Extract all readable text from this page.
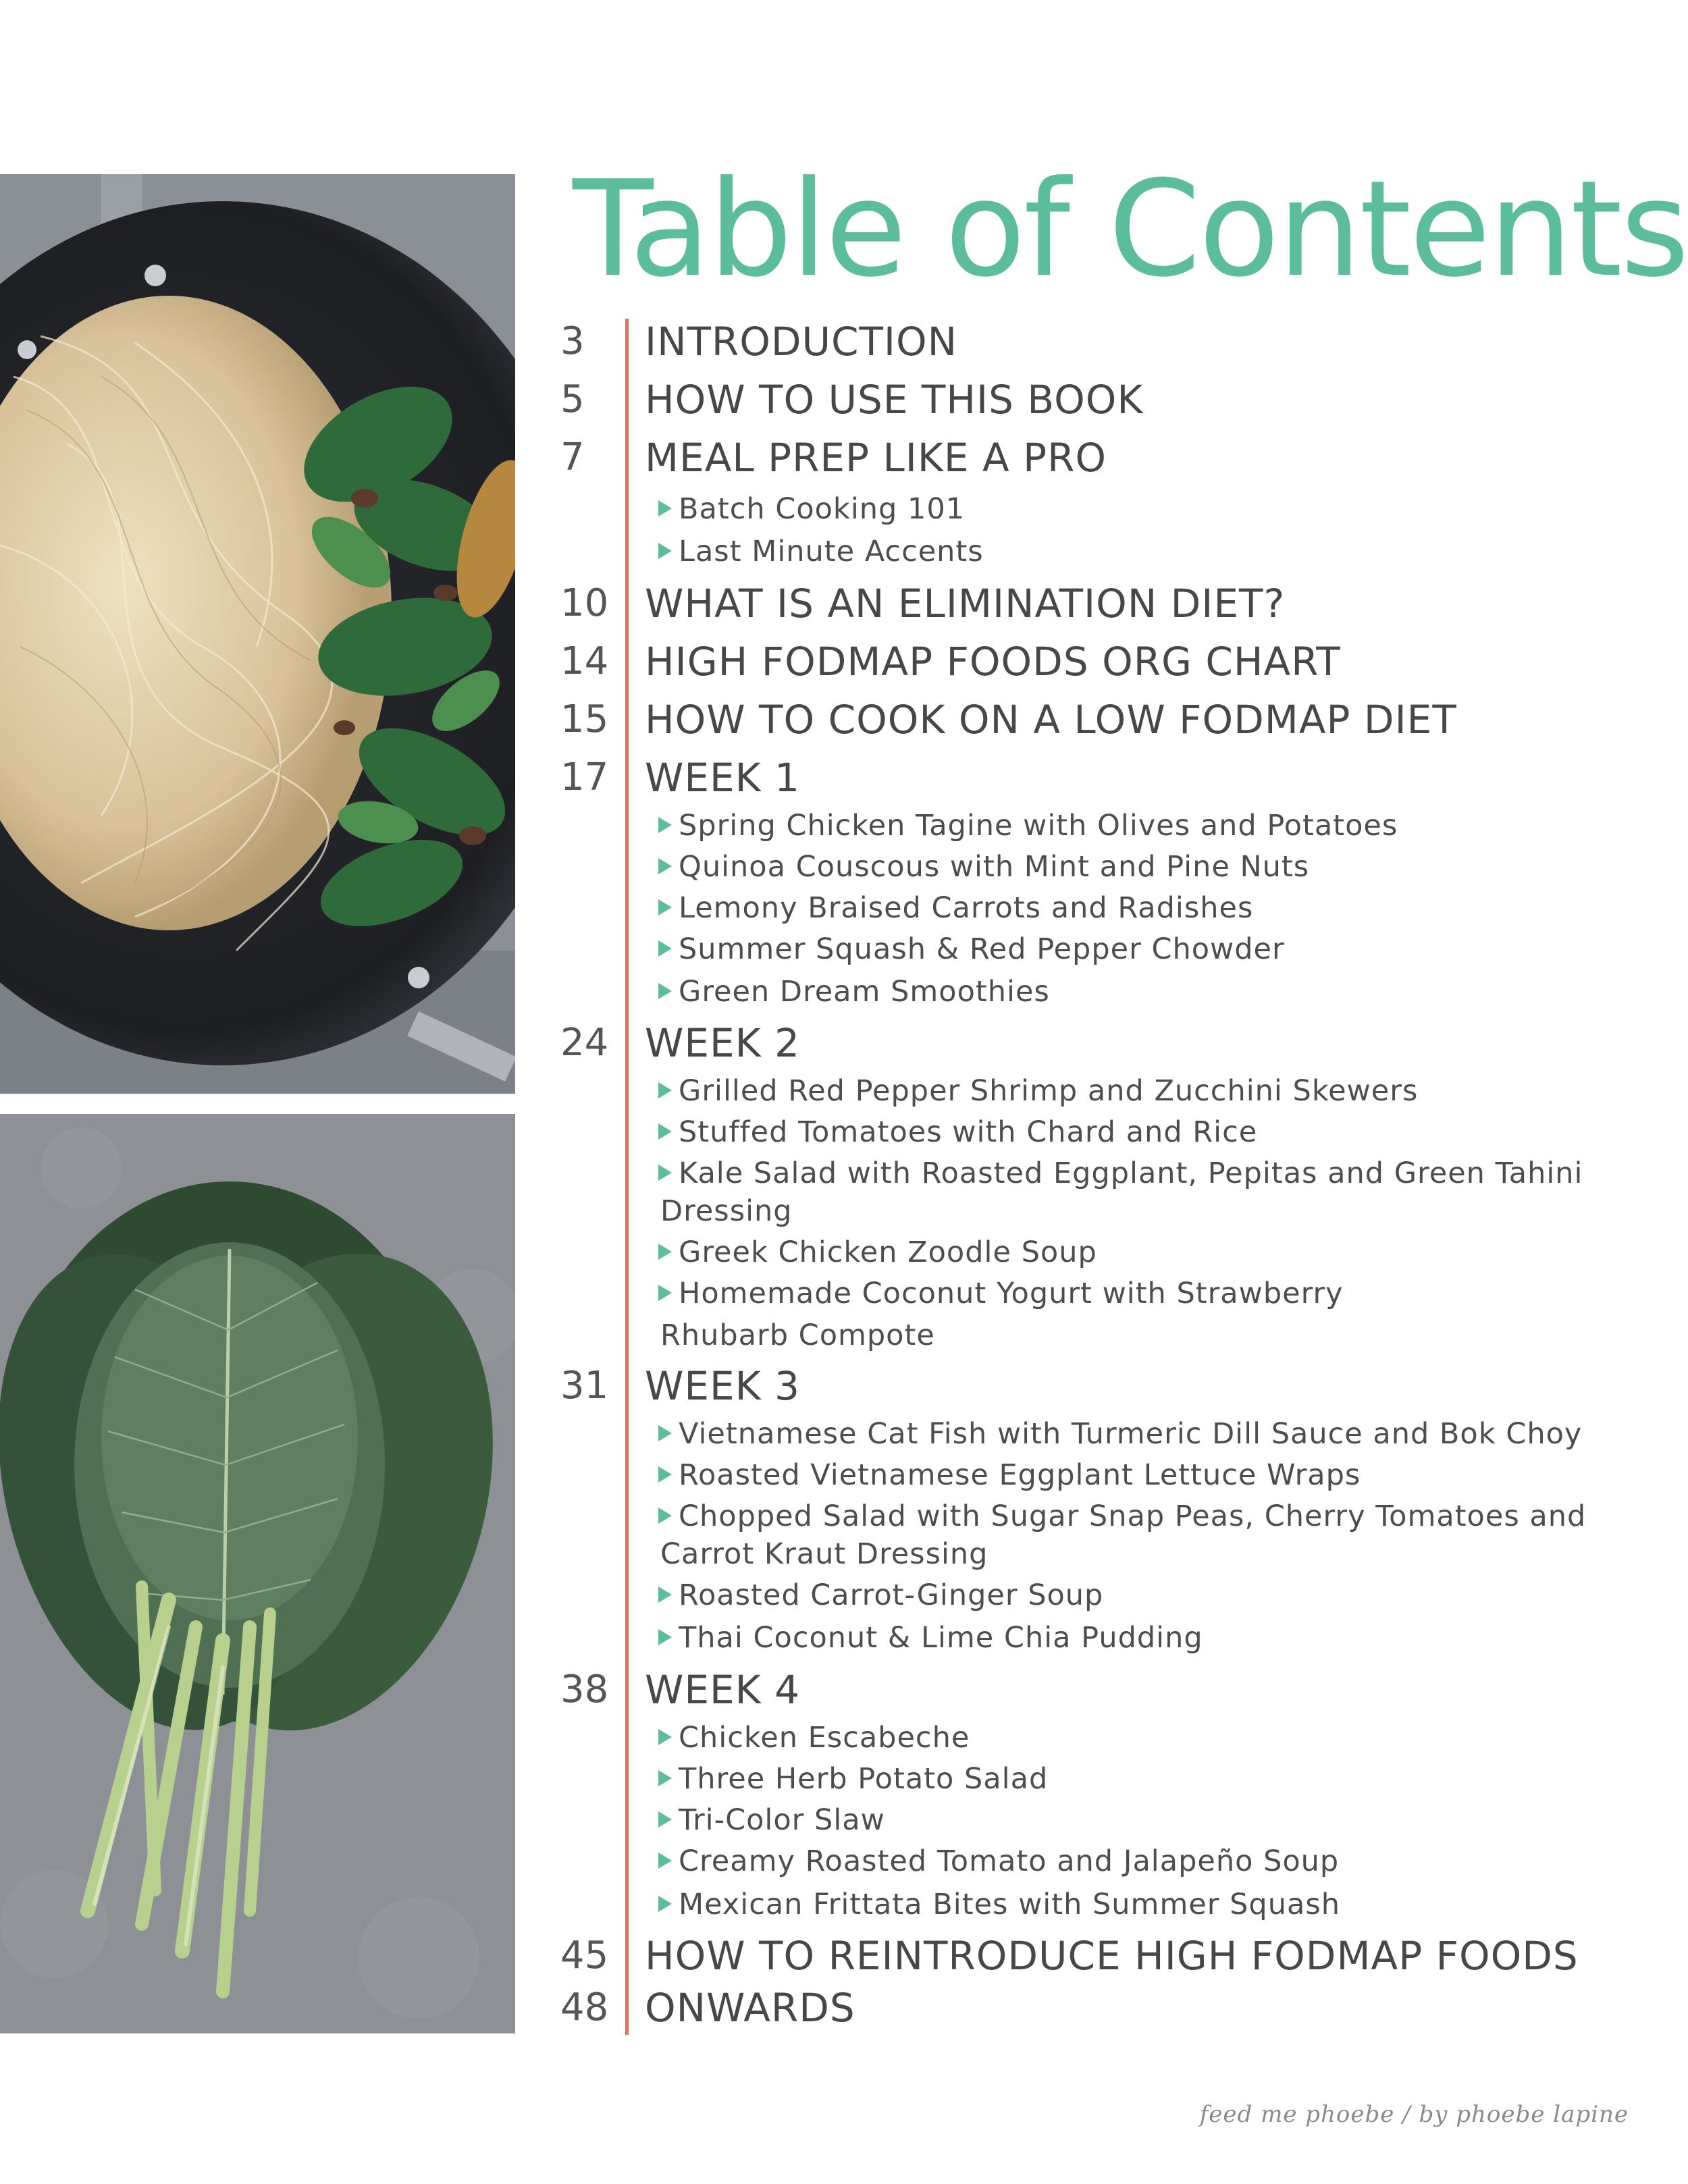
Table of Contents
3	INTRODUCTION
5	HOW TO USE THIS BOOK
7	MEAL PREP LIKE A PRO
Batch Cooking 101
Last Minute Accents
10 WHAT IS AN ELIMINATION DIET?
14 HIGH FODMAP FOODS ORG CHART
15 HOW TO COOK ON A LOW FODMAP DIET
17 WEEK 1
Spring Chicken Tagine with Olives and Potatoes
Quinoa Couscous with Mint and Pine Nuts
Lemony Braised Carrots and Radishes
Summer Squash & Red Pepper Chowder
Green Dream Smoothies
24 WEEK 2
Grilled Red Pepper Shrimp and Zucchini Skewers
Stuffed Tomatoes with Chard and Rice
Kale Salad with Roasted Eggplant, Pepitas and Green Tahini
Dressing
Greek Chicken Zoodle Soup
Homemade Coconut Yogurt with Strawberry
Rhubarb Compote
31 WEEK 3
Vietnamese Cat Fish with Turmeric Dill Sauce and Bok Choy
Roasted Vietnamese Eggplant Lettuce Wraps
Chopped Salad with Sugar Snap Peas, Cherry Tomatoes and
Carrot Kraut Dressing
Roasted Carrot-Ginger Soup
Thai Coconut & Lime Chia Pudding
38 WEEK 4
Chicken Escabeche
Three Herb Potato Salad
Tri-Color Slaw
Creamy Roasted Tomato and Jalapeño Soup
Mexican Frittata Bites with Summer Squash
45 HOW TO REINTRODUCE HIGH FODMAP FOODS
48 ONWARDS
feed me phoebe / by phoebe lapine
